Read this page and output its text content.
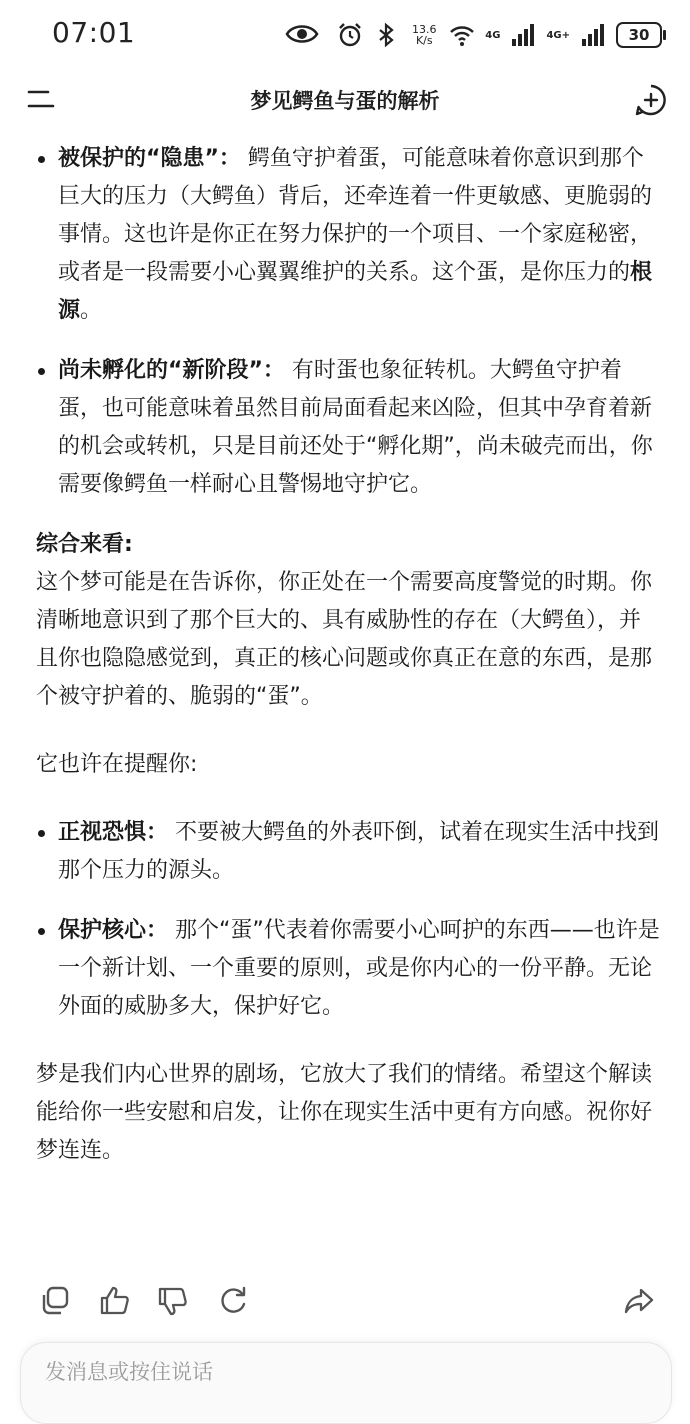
07:01	13.6
K/s	4G	4G+	30
梦见鳄鱼与蛋的解析
被保护的“隐患”： 鳄鱼守护着蛋，可能意味着你意识到那个巨大的压力（大鳄鱼）背后，还牵连着一件更敏感、更脆弱的事情。这也许是你正在努力保护的一个项目、一个家庭秘密，或者是一段需要小心翼翼维护的关系。这个蛋，是你压力的根源。
尚未孵化的“新阶段”： 有时蛋也象征转机。大鳄鱼守护着蛋，也可能意味着虽然目前局面看起来凶险，但其中孕育着新的机会或转机，只是目前还处于“孵化期”，尚未破壳而出，你需要像鳄鱼一样耐心且警惕地守护它。
综合来看:
这个梦可能是在告诉你，你正处在一个需要高度警觉的时期。你清晰地意识到了那个巨大的、具有威胁性的存在（大鳄鱼），并且你也隐隐感觉到，真正的核心问题或你真正在意的东西，是那个被守护着的、脆弱的“蛋”。
它也许在提醒你:
正视恐惧： 不要被大鳄鱼的外表吓倒，试着在现实生活中找到那个压力的源头。
保护核心： 那个“蛋”代表着你需要小心呵护的东西——也许是一个新计划、一个重要的原则，或是你内心的一份平静。无论外面的威胁多大，保护好它。
梦是我们内心世界的剧场，它放大了我们的情绪。希望这个解读能给你一些安慰和启发，让你在现实生活中更有方向感。祝你好梦连连。
发消息或按住说话
